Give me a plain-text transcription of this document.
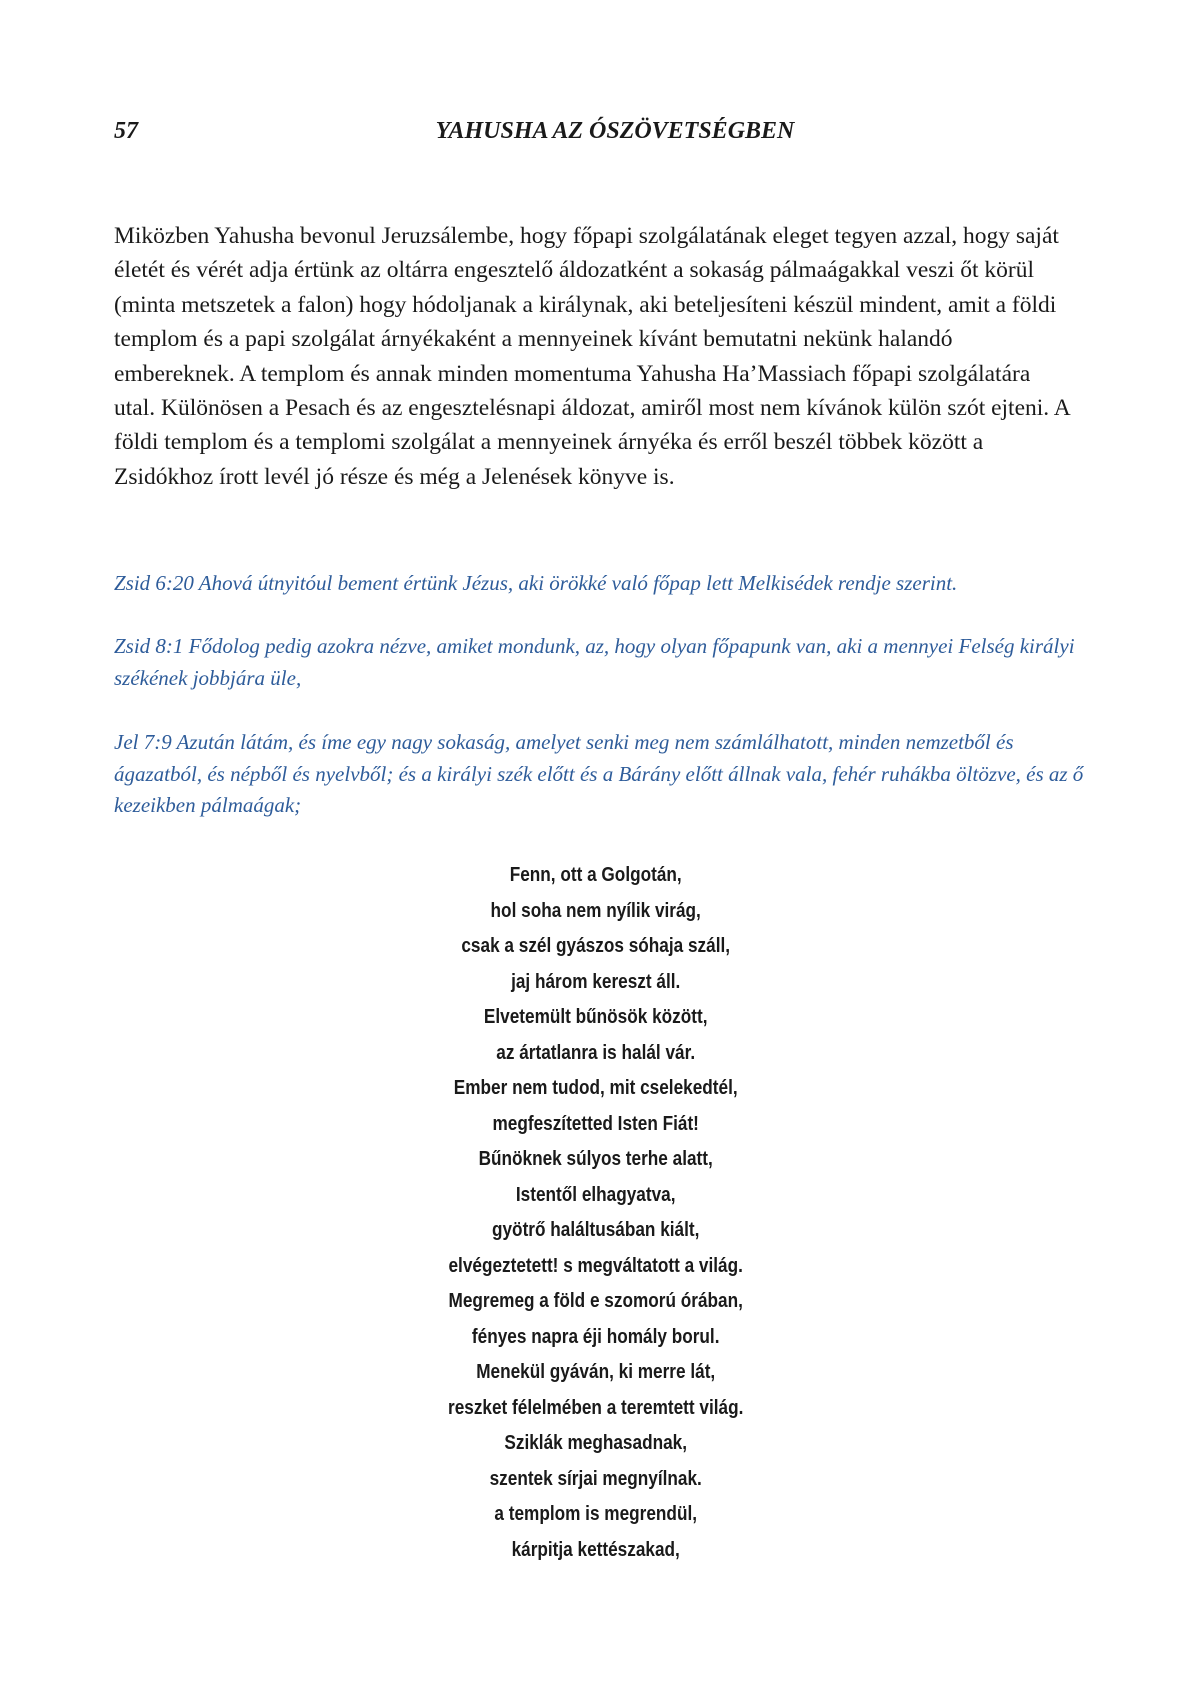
57	YAHUSHA AZ ÓSZÖVETSÉGBEN

Miközben Yahusha bevonul Jeruzsálembe, hogy főpapi szolgálatának eleget tegyen azzal, hogy saját életét és vérét adja értünk az oltárra engesztelő áldozatként a sokaság pálmaágakkal veszi őt körül (minta metszetek a falon) hogy hódoljanak a királynak, aki beteljesíteni készül mindent, amit a földi templom és a papi szolgálat árnyékaként a mennyeinek kívánt bemutatni nekünk halandó embereknek. A templom és annak minden momentuma Yahusha Ha’Massiach főpapi szolgálatára utal. Különösen a Pesach és az engesztelésnapi áldozat, amiről most nem kívánok külön szót ejteni. A földi templom és a templomi szolgálat a mennyeinek árnyéka és erről beszél többek között a Zsidókhoz írott levél jó része és még a Jelenések könyve is.

Zsid 6:20 Ahová útnyitóul bement értünk Jézus, aki örökké való főpap lett Melkisédek rendje szerint.

Zsid 8:1 Fődolog pedig azokra nézve, amiket mondunk, az, hogy olyan főpapunk van, aki a mennyei Felség királyi székének jobbjára üle,

Jel 7:9 Azután látám, és íme egy nagy sokaság, amelyet senki meg nem számlálhatott, minden nemzetből és ágazatból, és népből és nyelvből; és a királyi szék előtt és a Bárány előtt állnak vala, fehér ruhákba öltözve, és az ő kezeikben pálmaágak;

Fenn, ott a Golgotán,
hol soha nem nyílik virág,
csak a szél gyászos sóhaja száll,
jaj három kereszt áll.
Elvetemült bűnösök között,
az ártatlanra is halál vár.
Ember nem tudod, mit cselekedtél,
megfeszítetted Isten Fiát!
Bűnöknek súlyos terhe alatt,
Istentől elhagyatva,
gyötrő haláltusában kiált,
elvégeztetett! s megváltatott a világ.
Megremeg a föld e szomorú órában,
fényes napra éji homály borul.
Menekül gyáván, ki merre lát,
reszket félelmében a teremtett világ.
Sziklák meghasadnak,
szentek sírjai megnyílnak.
a templom is megrendül,
kárpitja kettészakad,
